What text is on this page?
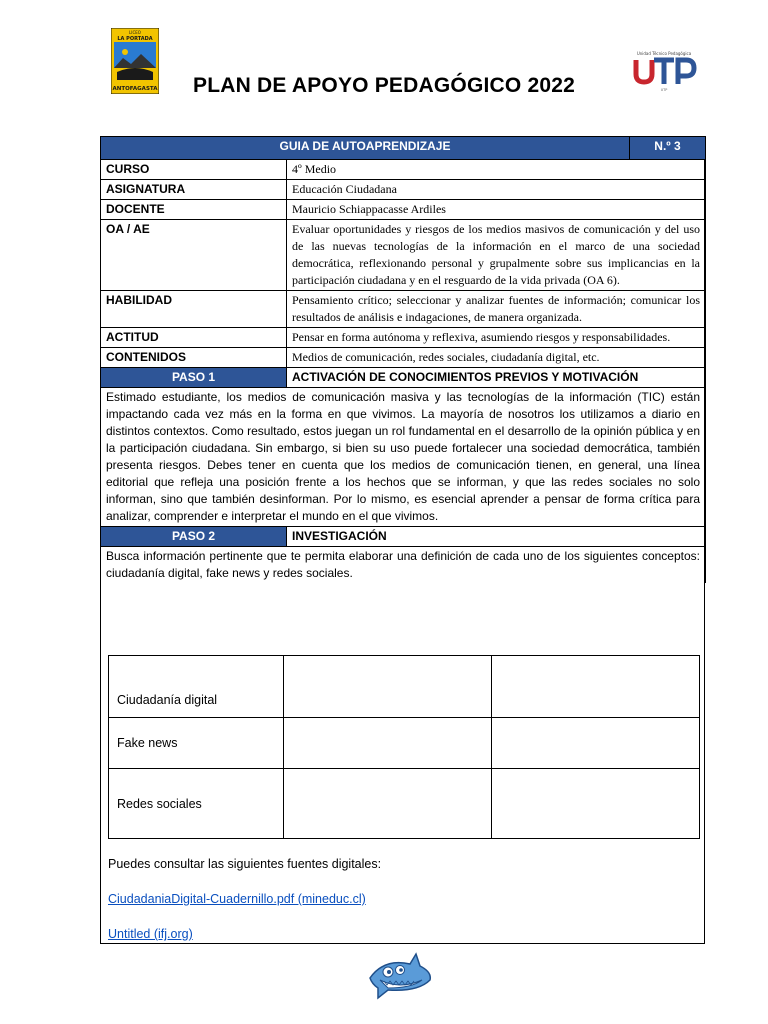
LICEO
LA PORTADA
ANTOFAGASTA
Unidad Técnico Pedagógica
UTP
PLAN DE APOYO PEDAGÓGICO 2022
GUIA DE AUTOAPRENDIZAJE		N.º 3
CURSO	4º Medio	
ASIGNATURA	Educación Ciudadana	
DOCENTE	Mauricio Schiappacasse Ardiles	
OA / AE	Evaluar oportunidades y riesgos de los medios masivos de comunicación y del uso de las nuevas tecnologías de la información en el marco de una sociedad democrática, reflexionando personal y grupalmente sobre sus implicancias en la participación ciudadana y en el resguardo de la vida privada (OA 6).	
HABILIDAD	Pensamiento crítico; seleccionar y analizar fuentes de información; comunicar los resultados de análisis e indagaciones, de manera organizada.	
ACTITUD	Pensar en forma autónoma y reflexiva, asumiendo riesgos y responsabilidades.	
CONTENIDOS	Medios de comunicación, redes sociales, ciudadanía digital, etc.	
PASO 1	ACTIVACIÓN DE CONOCIMIENTOS PREVIOS Y MOTIVACIÓN	
Estimado estudiante, los medios de comunicación masiva y las tecnologías de la información (TIC) están impactando cada vez más en la forma en que vivimos. La mayoría de nosotros los utilizamos a diario en distintos contextos. Como resultado, estos juegan un rol fundamental en el desarrollo de la opinión pública y en la participación ciudadana. Sin embargo, si bien su uso puede fortalecer una sociedad democrática, también presenta riesgos. Debes tener en cuenta que los medios de comunicación tienen, en general, una línea editorial que refleja una posición frente a los hechos que se informan, y que las redes sociales no solo informan, sino que también desinforman. Por lo mismo, es esencial aprender a pensar de forma crítica para analizar, comprender e interpretar el mundo en el que vivimos.		
PASO 2	INVESTIGACIÓN	
Busca información pertinente que te permita elaborar una definición de cada uno de los siguientes conceptos: ciudadanía digital, fake news y redes sociales.		
Ciudadanía digital		
Fake news		
Redes sociales		
Puedes consultar las siguientes fuentes digitales:
CiudadaniaDigital-Cuadernillo.pdf (mineduc.cl)
Untitled (ifj.org)
